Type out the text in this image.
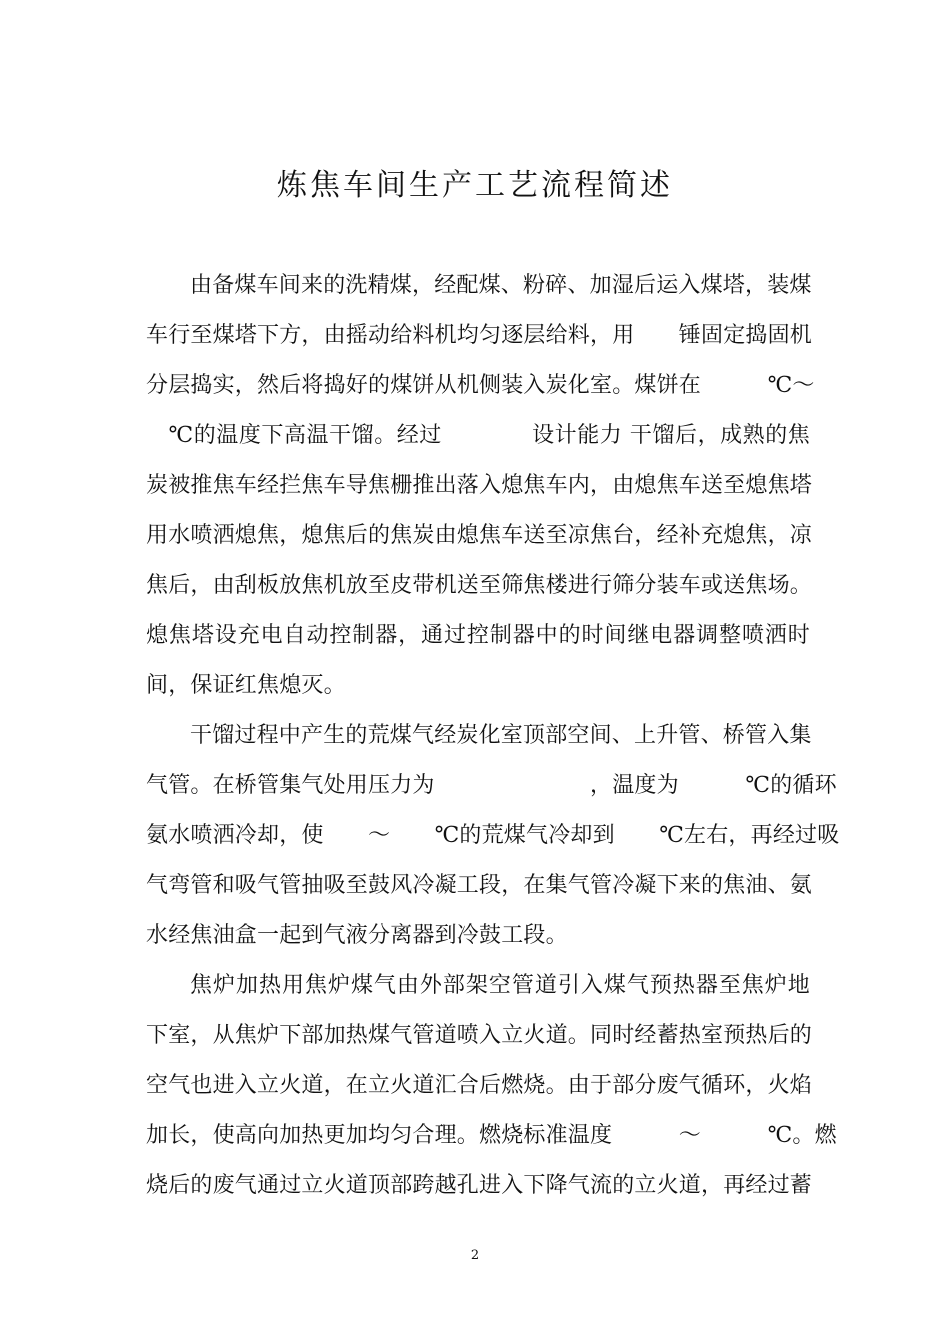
炼焦车间生产工艺流程简述
由备煤车间来的洗精煤，经配煤、粉碎、加湿后运入煤塔，装煤
车行至煤塔下方，由摇动给料机均匀逐层给料，用　　锤固定捣固机
分层捣实，然后将捣好的煤饼从机侧装入炭化室。煤饼在　　　℃～
　℃的温度下高温干馏。经过　　　　设计能力 干馏后，成熟的焦
炭被推焦车经拦焦车导焦栅推出落入熄焦车内，由熄焦车送至熄焦塔
用水喷洒熄焦，熄焦后的焦炭由熄焦车送至凉焦台，经补充熄焦，凉
焦后，由刮板放焦机放至皮带机送至筛焦楼进行筛分装车或送焦场。
熄焦塔设充电自动控制器，通过控制器中的时间继电器调整喷洒时
间，保证红焦熄灭。
干馏过程中产生的荒煤气经炭化室顶部空间、上升管、桥管入集
气管。在桥管集气处用压力为　　　　　　　，温度为　　　℃的循环
氨水喷洒冷却，使　　～　　℃的荒煤气冷却到　　℃左右，再经过吸
气弯管和吸气管抽吸至鼓风冷凝工段，在集气管冷凝下来的焦油、氨
水经焦油盒一起到气液分离器到冷鼓工段。
焦炉加热用焦炉煤气由外部架空管道引入煤气预热器至焦炉地
下室，从焦炉下部加热煤气管道喷入立火道。同时经蓄热室预热后的
空气也进入立火道，在立火道汇合后燃烧。由于部分废气循环，火焰
加长，使高向加热更加均匀合理。燃烧标准温度　　　～　　　℃。燃
烧后的废气通过立火道顶部跨越孔进入下降气流的立火道，再经过蓄
2
